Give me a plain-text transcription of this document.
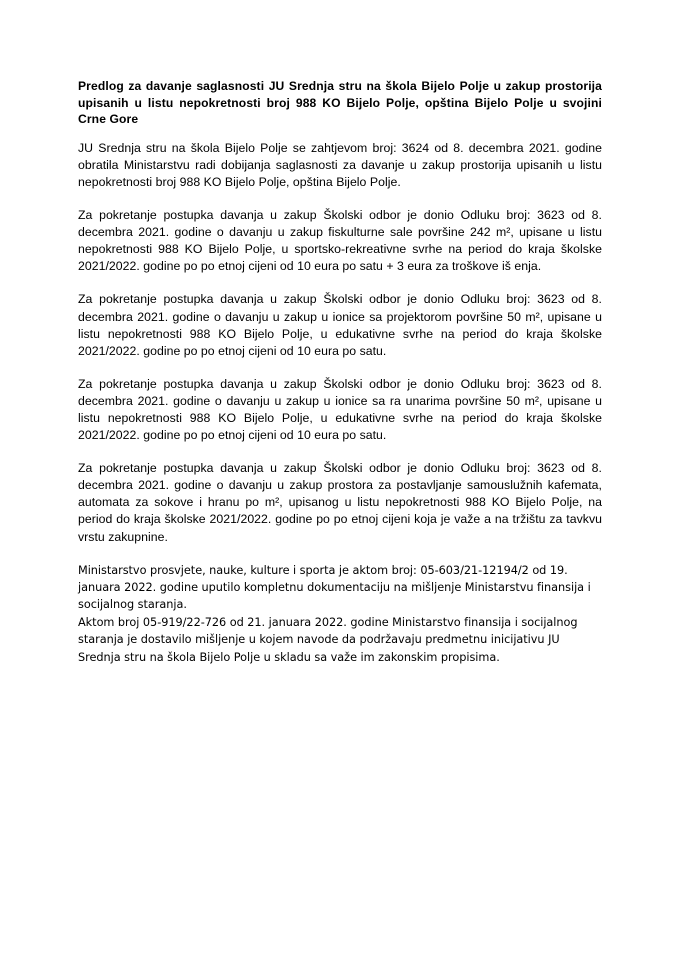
Predlog za davanje saglasnosti JU Srednja stru na škola Bijelo Polje u zakup prostorija upisanih u listu nepokretnosti broj 988 KO Bijelo Polje, opština Bijelo Polje u svojini Crne Gore

JU Srednja stru na škola Bijelo Polje se zahtjevom broj: 3624 od 8. decembra 2021. godine obratila Ministarstvu radi dobijanja saglasnosti za davanje u zakup prostorija upisanih u listu nepokretnosti broj 988 KO Bijelo Polje, opština Bijelo Polje.

Za pokretanje postupka davanja u zakup Školski odbor je donio Odluku broj: 3623 od 8. decembra 2021. godine o davanju u zakup fiskulturne sale površine 242 m², upisane u listu nepokretnosti 988 KO Bijelo Polje, u sportsko-rekreativne svrhe na period do kraja školske 2021/2022. godine po po etnoj cijeni od 10 eura po satu + 3 eura za troškove iš enja.

Za pokretanje postupka davanja u zakup Školski odbor je donio Odluku broj: 3623 od 8. decembra 2021. godine o davanju u zakup u ionice sa projektorom površine 50 m², upisane u listu nepokretnosti 988 KO Bijelo Polje, u edukativne svrhe na period do kraja školske 2021/2022. godine po po etnoj cijeni od 10 eura po satu.

Za pokretanje postupka davanja u zakup Školski odbor je donio Odluku broj: 3623 od 8. decembra 2021. godine o davanju u zakup u ionice sa ra unarima površine 50 m², upisane u listu nepokretnosti 988 KO Bijelo Polje, u edukativne svrhe na period do kraja školske 2021/2022. godine po po etnoj cijeni od 10 eura po satu.

Za pokretanje postupka davanja u zakup Školski odbor je donio Odluku broj: 3623 od 8. decembra 2021. godine o davanju u zakup prostora za postavljanje samouslužnih kafemata, automata za sokove i hranu po m², upisanog u listu nepokretnosti 988 KO Bijelo Polje, na period do kraja školske 2021/2022. godine po po etnoj cijeni koja je važe a na tržištu za tavkvu vrstu zakupnine.

Ministarstvo prosvjete, nauke, kulture i sporta je aktom broj: 05-603/21-12194/2 od 19. januara 2022. godine uputilo kompletnu dokumentaciju na mišljenje Ministarstvu finansija i socijalnog staranja.

Aktom broj 05-919/22-726 od 21. januara 2022. godine Ministarstvo finansija i socijalnog staranja je dostavilo mišljenje u kojem navode da podržavaju predmetnu inicijativu JU Srednja stru na škola Bijelo Polje u skladu sa važe im zakonskim propisima.
